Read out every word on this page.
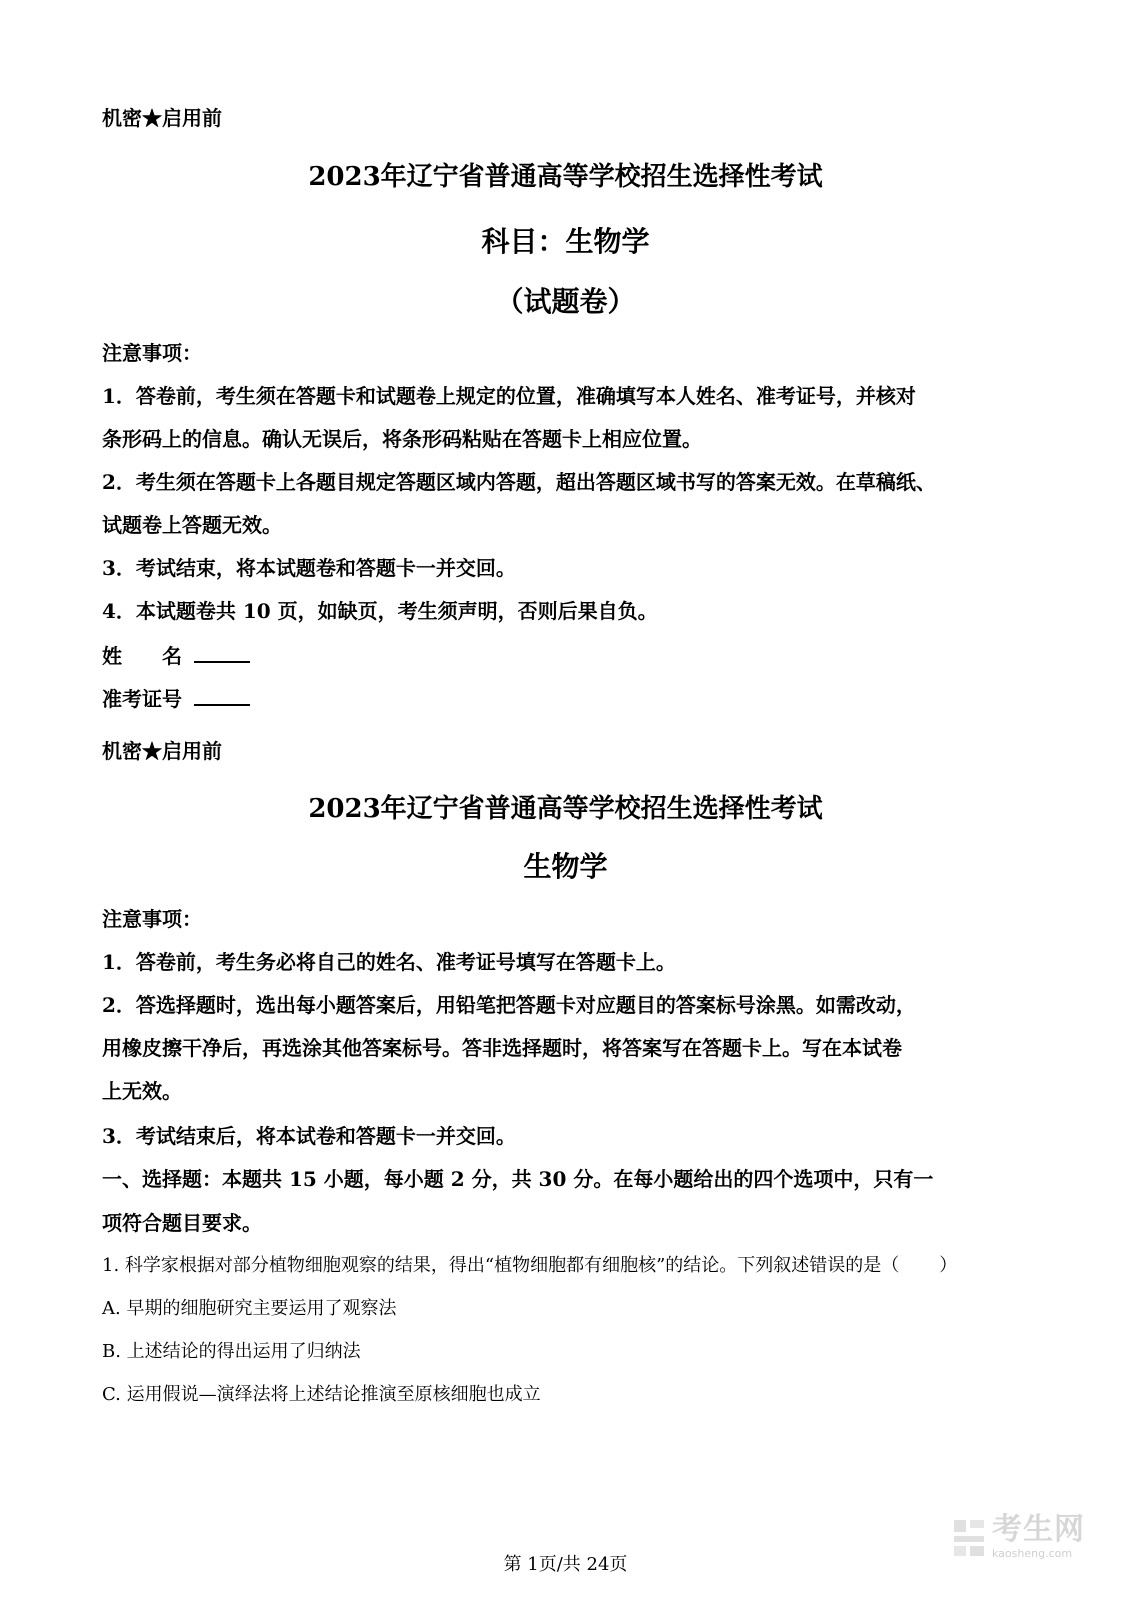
机密★启用前
2023年辽宁省普通高等学校招生选择性考试
科目：生物学
（试题卷）
注意事项：
1．答卷前，考生须在答题卡和试题卷上规定的位置，准确填写本人姓名、准考证号，并核对
条形码上的信息。确认无误后，将条形码粘贴在答题卡上相应位置。
2．考生须在答题卡上各题目规定答题区域内答题，超出答题区域书写的答案无效。在草稿纸、
试题卷上答题无效。
3．考试结束，将本试题卷和答题卡一并交回。
4．本试题卷共 10 页，如缺页，考生须声明，否则后果自负。
姓　　名
准考证号
机密★启用前
2023年辽宁省普通高等学校招生选择性考试
生物学
注意事项：
1．答卷前，考生务必将自己的姓名、准考证号填写在答题卡上。
2．答选择题时，选出每小题答案后，用铅笔把答题卡对应题目的答案标号涂黑。如需改动，
用橡皮擦干净后，再选涂其他答案标号。答非选择题时，将答案写在答题卡上。写在本试卷
上无效。
3．考试结束后，将本试卷和答题卡一并交回。
一、选择题：本题共 15 小题，每小题 2 分，共 30 分。在每小题给出的四个选项中，只有一
项符合题目要求。
1. 科学家根据对部分植物细胞观察的结果，得出“植物细胞都有细胞核”的结论。下列叙述错误的是（ ）
A. 早期的细胞研究主要运用了观察法
B. 上述结论的得出运用了归纳法
C. 运用假说—演绎法将上述结论推演至原核细胞也成立
考生网
kaosheng.com
第 1页/共 24页
